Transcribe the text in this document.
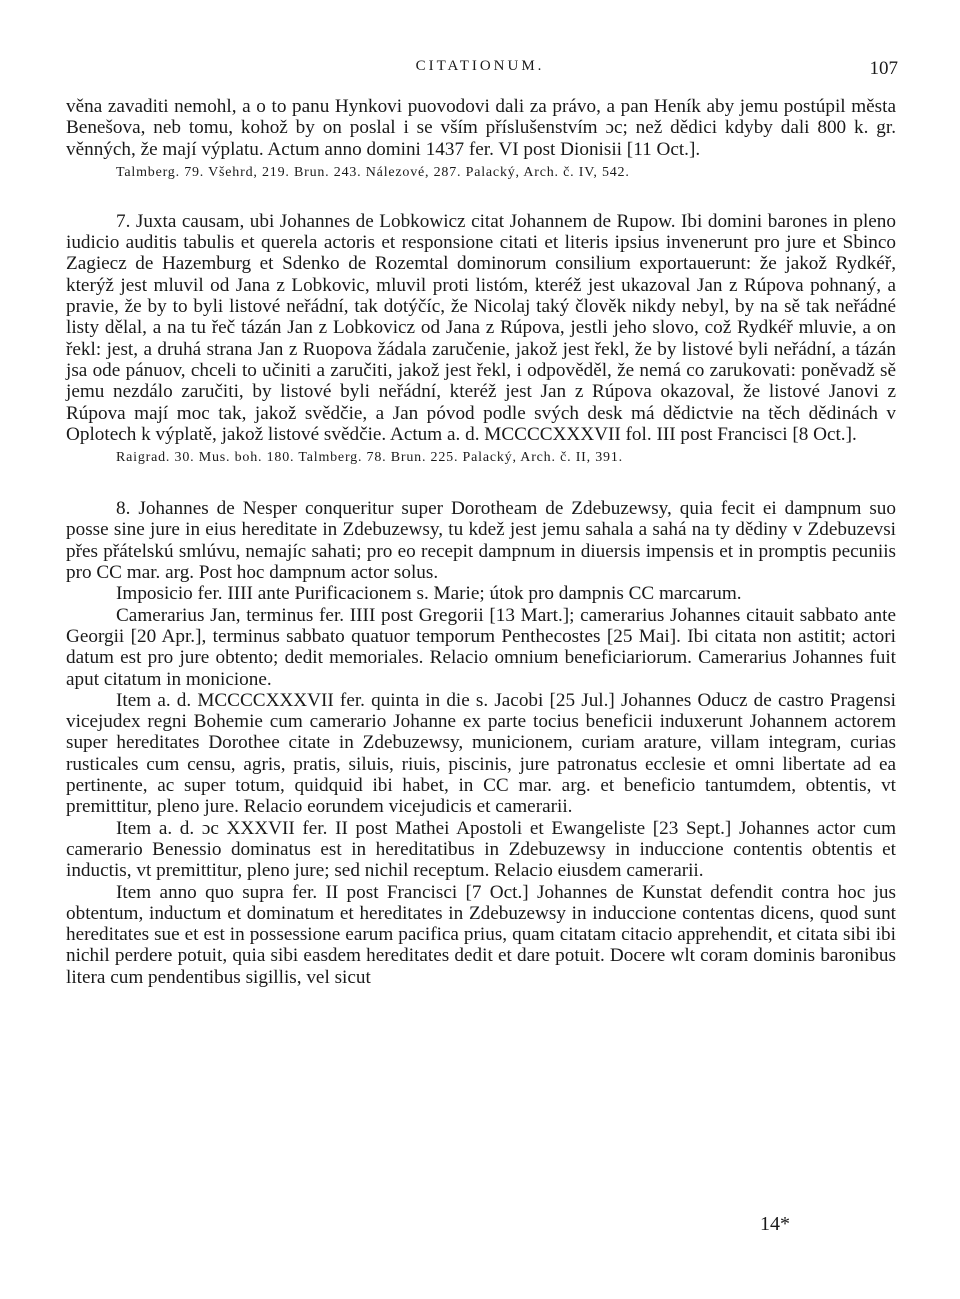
CITATIONUM.	107

věna zavaditi nemohl, a o to panu Hynkovi puovodovi dali za právo, a pan Heník aby jemu postúpil města Benešova, neb tomu, kohož by on poslal i se vším příslušenstvím ɔc; než dědici kdyby dali 800 k. gr. věnných, že mají výplatu. Actum anno domini 1437 fer. VI post Dionisii [11 Oct.].

Talmberg. 79. Všehrd, 219. Brun. 243. Nálezové, 287. Palacký, Arch. č. IV, 542.

7. Juxta causam, ubi Johannes de Lobkowicz citat Johannem de Rupow. Ibi domini barones in pleno iudicio auditis tabulis et querela actoris et responsione citati et literis ipsius invenerunt pro jure et Sbinco Zagiecz de Hazemburg et Sdenko de Rozemtal dominorum consilium exportauerunt: že jakož Rydkéř, kterýž jest mluvil od Jana z Lobkovic, mluvil proti listóm, kteréž jest ukazoval Jan z Rúpova pohnaný, a pravie, že by to byli listové neřádní, tak dotýčíc, že Nicolaj taký člověk nikdy nebyl, by na sě tak neřádné listy dělal, a na tu řeč tázán Jan z Lobkovicz od Jana z Rúpova, jestli jeho slovo, což Rydkéř mluvie, a on řekl: jest, a druhá strana Jan z Ruopova žádala zaručenie, jakož jest řekl, že by listové byli neřádní, a tázán jsa ode pánuov, chceli to učiniti a zaručiti, jakož jest řekl, i odpověděl, že nemá co zarukovati: poněvadž sě jemu nezdálo zaručiti, by listové byli neřádní, kteréž jest Jan z Rúpova okazoval, že listové Janovi z Rúpova mají moc tak, jakož svědčie, a Jan póvod podle svých desk má dědictvie na těch dědinách v Oplotech k výplatě, jakož listové svědčie. Actum a. d. MCCCCXXXVII fol. III post Francisci [8 Oct.].

Raigrad. 30. Mus. boh. 180. Talmberg. 78. Brun. 225. Palacký, Arch. č. II, 391.

8. Johannes de Nesper conqueritur super Dorotheam de Zdebuzewsy, quia fecit ei dampnum suo posse sine jure in eius hereditate in Zdebuzewsy, tu kdež jest jemu sahala a sahá na ty dědiny v Zdebuzevsi přes přátelskú smlúvu, nemajíc sahati; pro eo recepit dampnum in diuersis impensis et in promptis pecuniis pro CC mar. arg. Post hoc dampnum actor solus.

Imposicio fer. IIII ante Purificacionem s. Marie; útok pro dampnis CC marcarum.

Camerarius Jan, terminus fer. IIII post Gregorii [13 Mart.]; camerarius Johannes citauit sabbato ante Georgii [20 Apr.], terminus sabbato quatuor temporum Penthecostes [25 Mai]. Ibi citata non astitit; actori datum est pro jure obtento; dedit memoriales. Relacio omnium beneficiariorum. Camerarius Johannes fuit aput citatum in monicione.

Item a. d. MCCCCXXXVII fer. quinta in die s. Jacobi [25 Jul.] Johannes Oducz de castro Pragensi vicejudex regni Bohemie cum camerario Johanne ex parte tocius beneficii induxerunt Johannem actorem super hereditates Dorothee citate in Zdebuzewsy, municionem, curiam arature, villam integram, curias rusticales cum censu, agris, pratis, siluis, riuis, piscinis, jure patronatus ecclesie et omni libertate ad ea pertinente, ac super totum, quidquid ibi habet, in CC mar. arg. et beneficio tantumdem, obtentis, vt premittitur, pleno jure. Relacio eorundem vicejudicis et camerarii.

Item a. d. ɔc XXXVII fer. II post Mathei Apostoli et Ewangeliste [23 Sept.] Johannes actor cum camerario Benessio dominatus est in hereditatibus in Zdebuzewsy in induccione contentis obtentis et inductis, vt premittitur, pleno jure; sed nichil receptum. Relacio eiusdem camerarii.

Item anno quo supra fer. II post Francisci [7 Oct.] Johannes de Kunstat defendit contra hoc jus obtentum, inductum et dominatum et hereditates in Zdebuzewsy in induccione contentas dicens, quod sunt hereditates sue et est in possessione earum pacifica prius, quam citatam citacio apprehendit, et citata sibi ibi nichil perdere potuit, quia sibi easdem hereditates dedit et dare potuit. Docere wlt coram dominis baronibus litera cum pendentibus sigillis, vel sicut

14*
